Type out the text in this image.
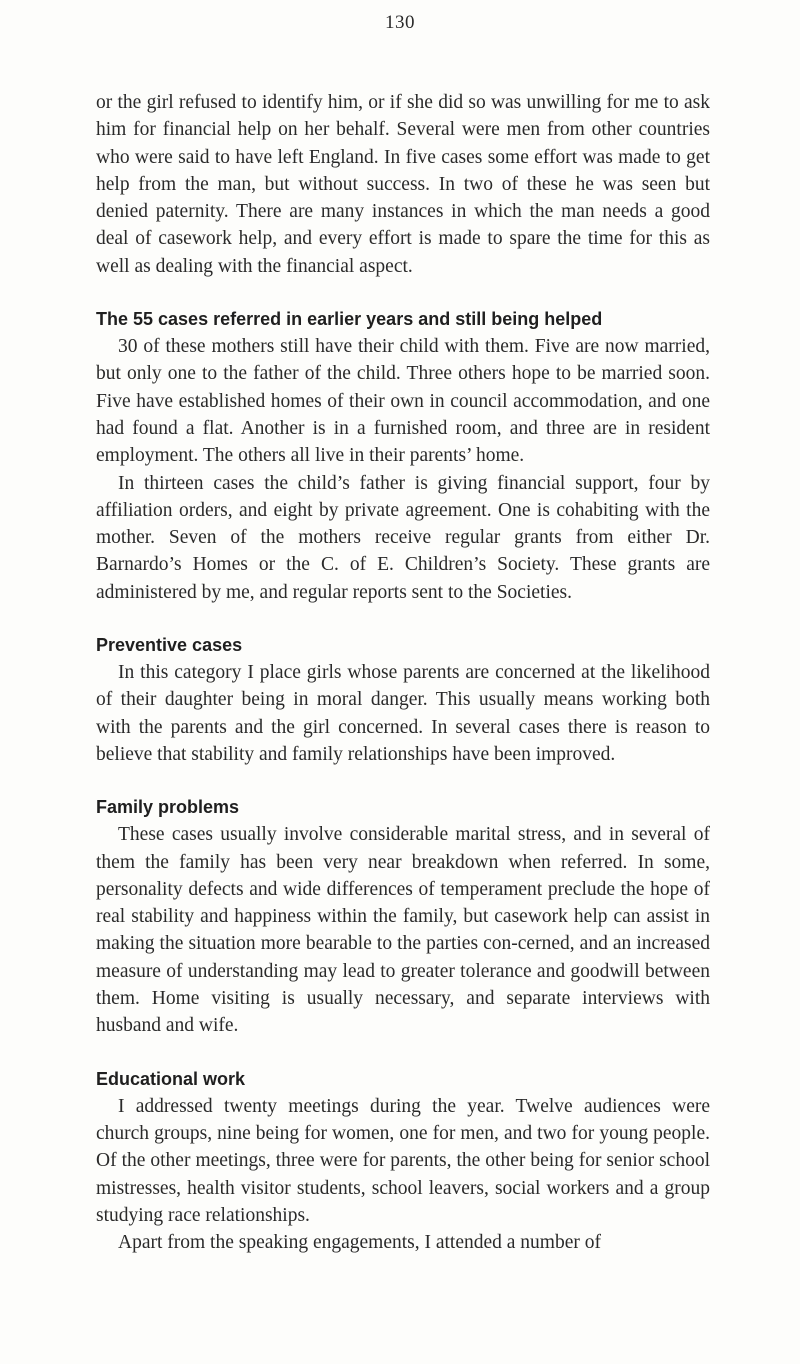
130

or the girl refused to identify him, or if she did so was unwilling for me to ask him for financial help on her behalf. Several were men from other countries who were said to have left England. In five cases some effort was made to get help from the man, but without success. In two of these he was seen but denied paternity. There are many instances in which the man needs a good deal of casework help, and every effort is made to spare the time for this as well as dealing with the financial aspect.

The 55 cases referred in earlier years and still being helped

30 of these mothers still have their child with them. Five are now married, but only one to the father of the child. Three others hope to be married soon. Five have established homes of their own in council accommodation, and one had found a flat. Another is in a furnished room, and three are in resident employment. The others all live in their parents’ home.

In thirteen cases the child’s father is giving financial support, four by affiliation orders, and eight by private agreement. One is cohabiting with the mother. Seven of the mothers receive regular grants from either Dr. Barnardo’s Homes or the C. of E. Children’s Society. These grants are administered by me, and regular reports sent to the Societies.

Preventive cases

In this category I place girls whose parents are concerned at the likelihood of their daughter being in moral danger. This usually means working both with the parents and the girl concerned. In several cases there is reason to believe that stability and family relationships have been improved.

Family problems

These cases usually involve considerable marital stress, and in several of them the family has been very near breakdown when referred. In some, personality defects and wide differences of temperament preclude the hope of real stability and happiness within the family, but casework help can assist in making the situation more bearable to the parties con-cerned, and an increased measure of understanding may lead to greater tolerance and goodwill between them. Home visiting is usually necessary, and separate interviews with husband and wife.

Educational work

I addressed twenty meetings during the year. Twelve audiences were church groups, nine being for women, one for men, and two for young people. Of the other meetings, three were for parents, the other being for senior school mistresses, health visitor students, school leavers, social workers and a group studying race relationships.

Apart from the speaking engagements, I attended a number of
